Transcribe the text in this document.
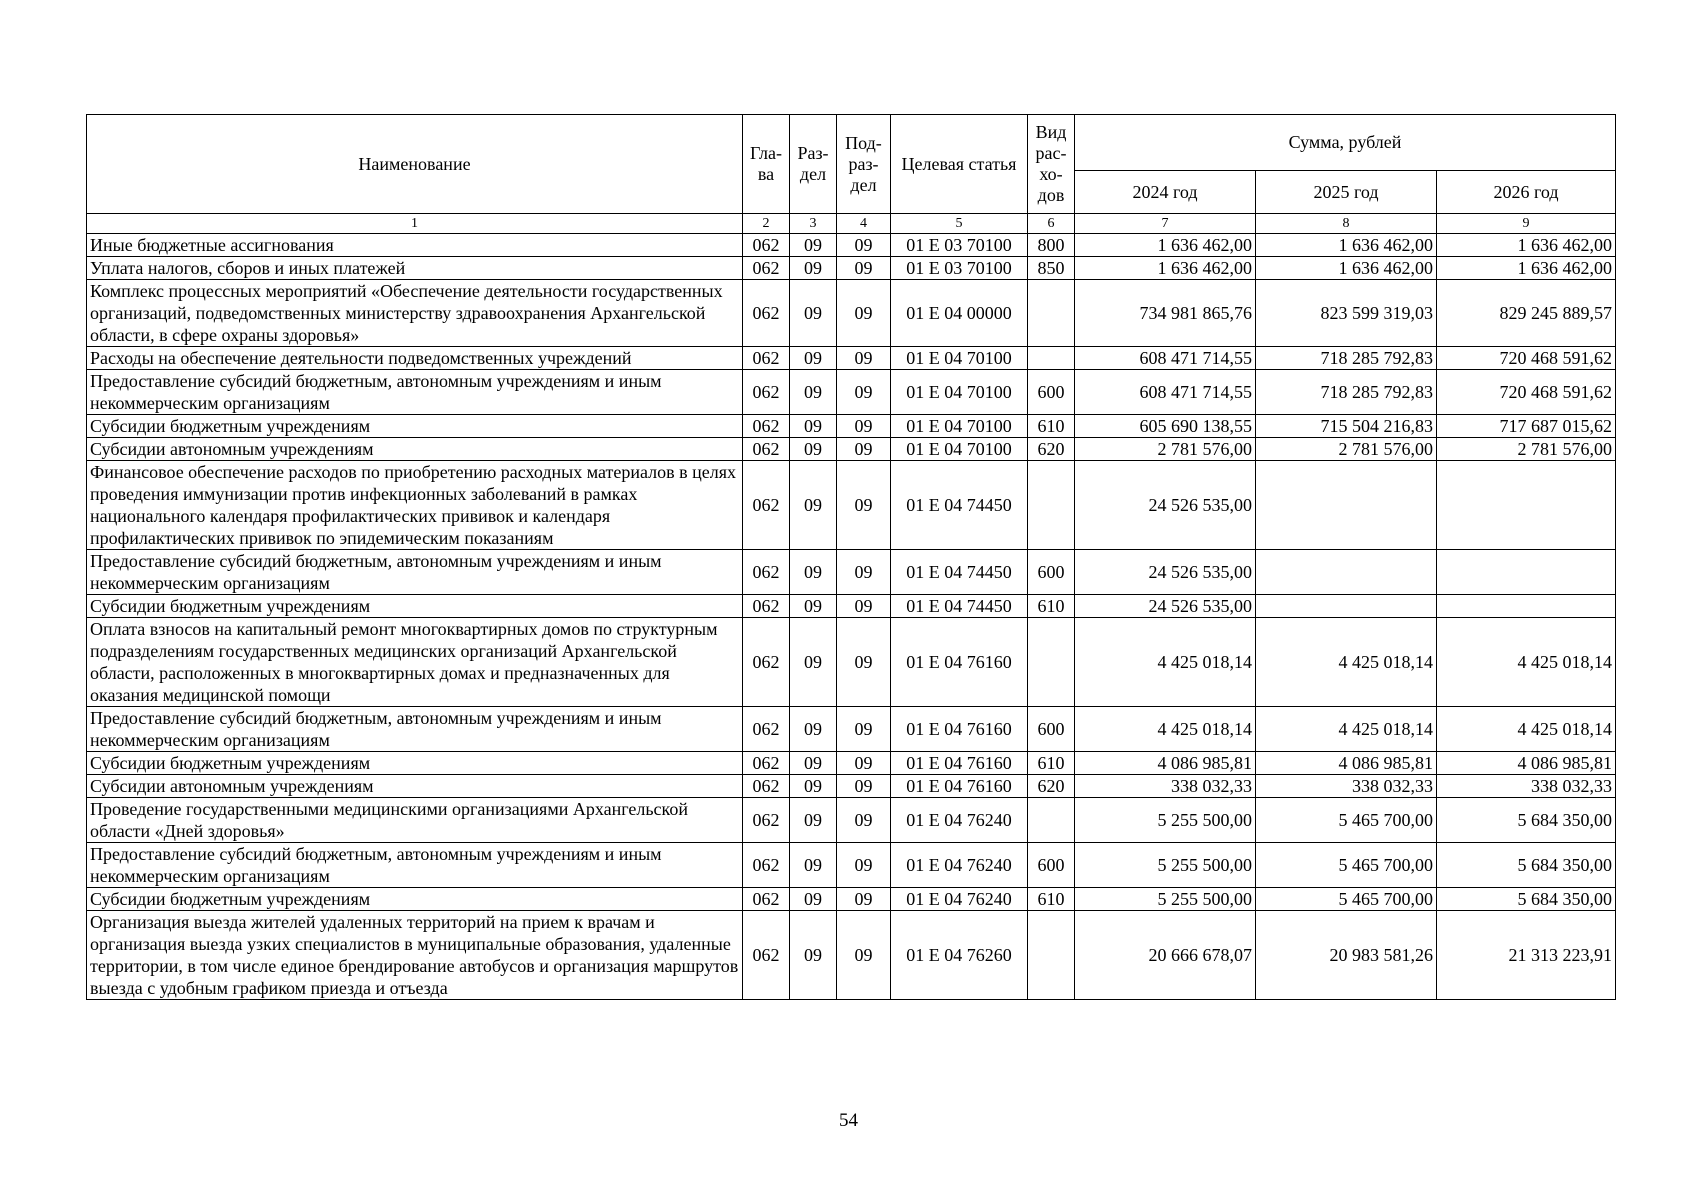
Наименование	Гла-ва	Раз-дел	Под-раз-дел	Целевая статья	Вид рас-хо-дов	Сумма, рублей		
						2024 год	2025 год	2026 год
1	2	3	4	5	6	7	8	9
Иные бюджетные ассигнования	062	09	09	01 Е 03 70100	800	1 636 462,00	1 636 462,00	1 636 462,00
Уплата налогов, сборов и иных платежей	062	09	09	01 Е 03 70100	850	1 636 462,00	1 636 462,00	1 636 462,00
Комплекс процессных мероприятий «Обеспечение деятельности государственных организаций, подведомственных министерству здравоохранения Архангельской области, в сфере охраны здоровья»	062	09	09	01 Е 04 00000		734 981 865,76	823 599 319,03	829 245 889,57
Расходы на обеспечение деятельности подведомственных учреждений	062	09	09	01 Е 04 70100		608 471 714,55	718 285 792,83	720 468 591,62
Предоставление субсидий бюджетным, автономным учреждениям и иным некоммерческим организациям	062	09	09	01 Е 04 70100	600	608 471 714,55	718 285 792,83	720 468 591,62
Субсидии бюджетным учреждениям	062	09	09	01 Е 04 70100	610	605 690 138,55	715 504 216,83	717 687 015,62
Субсидии автономным учреждениям	062	09	09	01 Е 04 70100	620	2 781 576,00	2 781 576,00	2 781 576,00
Финансовое обеспечение расходов по приобретению расходных материалов в целях проведения иммунизации против инфекционных заболеваний в рамках национального календаря профилактических прививок и календаря профилактических прививок по эпидемическим показаниям	062	09	09	01 Е 04 74450		24 526 535,00		
Предоставление субсидий бюджетным, автономным учреждениям и иным некоммерческим организациям	062	09	09	01 Е 04 74450	600	24 526 535,00		
Субсидии бюджетным учреждениям	062	09	09	01 Е 04 74450	610	24 526 535,00		
Оплата взносов на капитальный ремонт многоквартирных домов по структурным подразделениям государственных медицинских организаций Архангельской области, расположенных в многоквартирных домах и предназначенных для оказания медицинской помощи	062	09	09	01 Е 04 76160		4 425 018,14	4 425 018,14	4 425 018,14
Предоставление субсидий бюджетным, автономным учреждениям и иным некоммерческим организациям	062	09	09	01 Е 04 76160	600	4 425 018,14	4 425 018,14	4 425 018,14
Субсидии бюджетным учреждениям	062	09	09	01 Е 04 76160	610	4 086 985,81	4 086 985,81	4 086 985,81
Субсидии автономным учреждениям	062	09	09	01 Е 04 76160	620	338 032,33	338 032,33	338 032,33
Проведение государственными медицинскими организациями Архангельской области «Дней здоровья»	062	09	09	01 Е 04 76240		5 255 500,00	5 465 700,00	5 684 350,00
Предоставление субсидий бюджетным, автономным учреждениям и иным некоммерческим организациям	062	09	09	01 Е 04 76240	600	5 255 500,00	5 465 700,00	5 684 350,00
Субсидии бюджетным учреждениям	062	09	09	01 Е 04 76240	610	5 255 500,00	5 465 700,00	5 684 350,00
Организация выезда жителей удаленных территорий на прием к врачам и организация выезда узких специалистов в муниципальные образования, удаленные территории, в том числе единое брендирование автобусов и организация маршрутов выезда с удобным графиком приезда и отъезда	062	09	09	01 Е 04 76260		20 666 678,07	20 983 581,26	21 313 223,91
54
